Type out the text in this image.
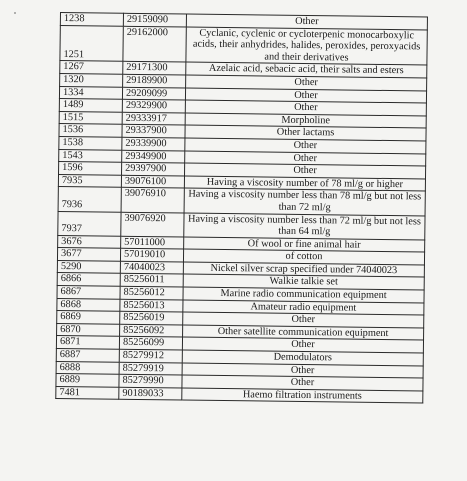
1238	29159090	Other
1251	29162000	Cyclanic, cyclenic or cycloterpenic monocarboxylic acids, their anhydrides, halides, peroxides, peroxyacids and their derivatives
1267	29171300	Azelaic acid, sebacic acid, their salts and esters
1320	29189900	Other
1334	29209099	Other
1489	29329900	Other
1515	29333917	Morpholine
1536	29337900	Other lactams
1538	29339900	Other
1543	29349900	Other
1596	29397900	Other
7935	39076100	Having a viscosity number of 78 ml/g or higher
7936	39076910	Having a viscosity number less than 78 ml/g but not less than 72 ml/g
7937	39076920	Having a viscosity number less than 72 ml/g but not less than 64 ml/g
3676	57011000	Of wool or fine animal hair
3677	57019010	of cotton
5290	74040023	Nickel silver scrap specified under 74040023
6866	85256011	Walkie talkie set
6867	85256012	Marine radio communication equipment
6868	85256013	Amateur radio equipment
6869	85256019	Other
6870	85256092	Other satellite communication equipment
6871	85256099	Other
6887	85279912	Demodulators
6888	85279919	Other
6889	85279990	Other
7481	90189033	Haemo filtration instruments
